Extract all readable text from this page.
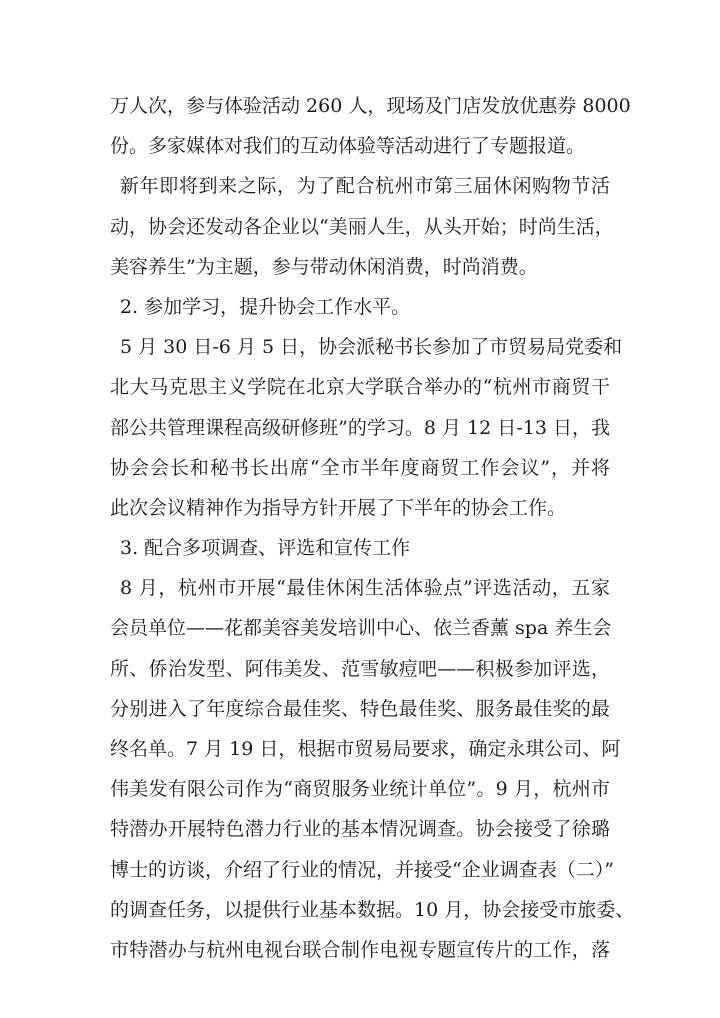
万人次，参与体验活动 260 人，现场及门店发放优惠券 8000
份。多家媒体对我们的互动体验等活动进行了专题报道。
新年即将到来之际，为了配合杭州市第三届休闲购物节活
动，协会还发动各企业以“美丽人生，从头开始；时尚生活，
美容养生”为主题，参与带动休闲消费，时尚消费。
2. 参加学习，提升协会工作水平。
5 月 30 日-6 月 5 日，协会派秘书长参加了市贸易局党委和
北大马克思主义学院在北京大学联合举办的“杭州市商贸干
部公共管理课程高级研修班”的学习。8 月 12 日-13 日，我
协会会长和秘书长出席“全市半年度商贸工作会议”，并将
此次会议精神作为指导方针开展了下半年的协会工作。
3. 配合多项调查、评选和宣传工作
8 月，杭州市开展“最佳休闲生活体验点”评选活动，五家
会员单位——花都美容美发培训中心、依兰香薰 spa 养生会
所、侨治发型、阿伟美发、范雪敏痘吧——积极参加评选，
分别进入了年度综合最佳奖、特色最佳奖、服务最佳奖的最
终名单。7 月 19 日，根据市贸易局要求，确定永琪公司、阿
伟美发有限公司作为“商贸服务业统计单位”。9 月，杭州市
特潜办开展特色潜力行业的基本情况调查。协会接受了徐璐
博士的访谈，介绍了行业的情况，并接受“企业调查表（二）”
的调查任务，以提供行业基本数据。10 月，协会接受市旅委、
市特潜办与杭州电视台联合制作电视专题宣传片的工作，落
